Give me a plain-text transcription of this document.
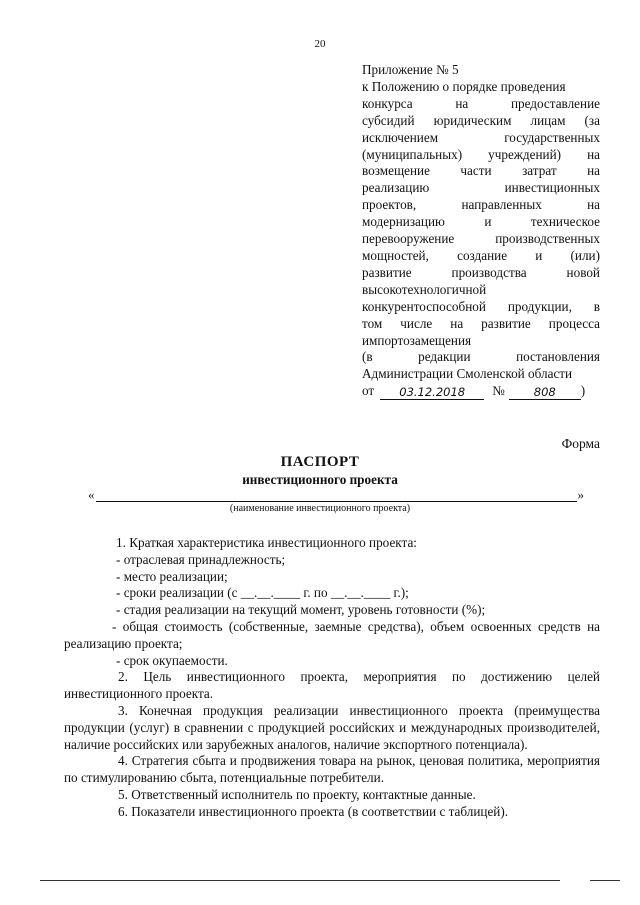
20
Приложение № 5
к Положению о порядке проведения
конкурса на предоставление
субсидий юридическим лицам (за
исключением государственных
(муниципальных) учреждений) на
возмещение части затрат на
реализацию инвестиционных
проектов, направленных на
модернизацию и техническое
перевооружение производственных
мощностей, создание и (или)
развитие производства новой
высокотехнологичной
конкурентоспособной продукции, в
том числе на развитие процесса
импортозамещения
(в редакции постановления
Администрации Смоленской области
от	03.12.2018	№	808	)
Форма
ПАСПОРТ
инвестиционного проекта
«	»
(наименование инвестиционного проекта)
1. Краткая характеристика инвестиционного проекта:
- отраслевая принадлежность;
- место реализации;
- сроки реализации (с __.__.____ г. по __.__.____ г.);
- стадия реализации на текущий момент, уровень готовности (%);
- общая стоимость (собственные, заемные средства), объем освоенных средств на реализацию проекта;
- срок окупаемости.
2. Цель инвестиционного проекта, мероприятия по достижению целей инвестиционного проекта.
3. Конечная продукция реализации инвестиционного проекта (преимущества продукции (услуг) в сравнении с продукцией российских и международных производителей, наличие российских или зарубежных аналогов, наличие экспортного потенциала).
4. Стратегия сбыта и продвижения товара на рынок, ценовая политика, мероприятия по стимулированию сбыта, потенциальные потребители.
5. Ответственный исполнитель по проекту, контактные данные.
6. Показатели инвестиционного проекта (в соответствии с таблицей).
